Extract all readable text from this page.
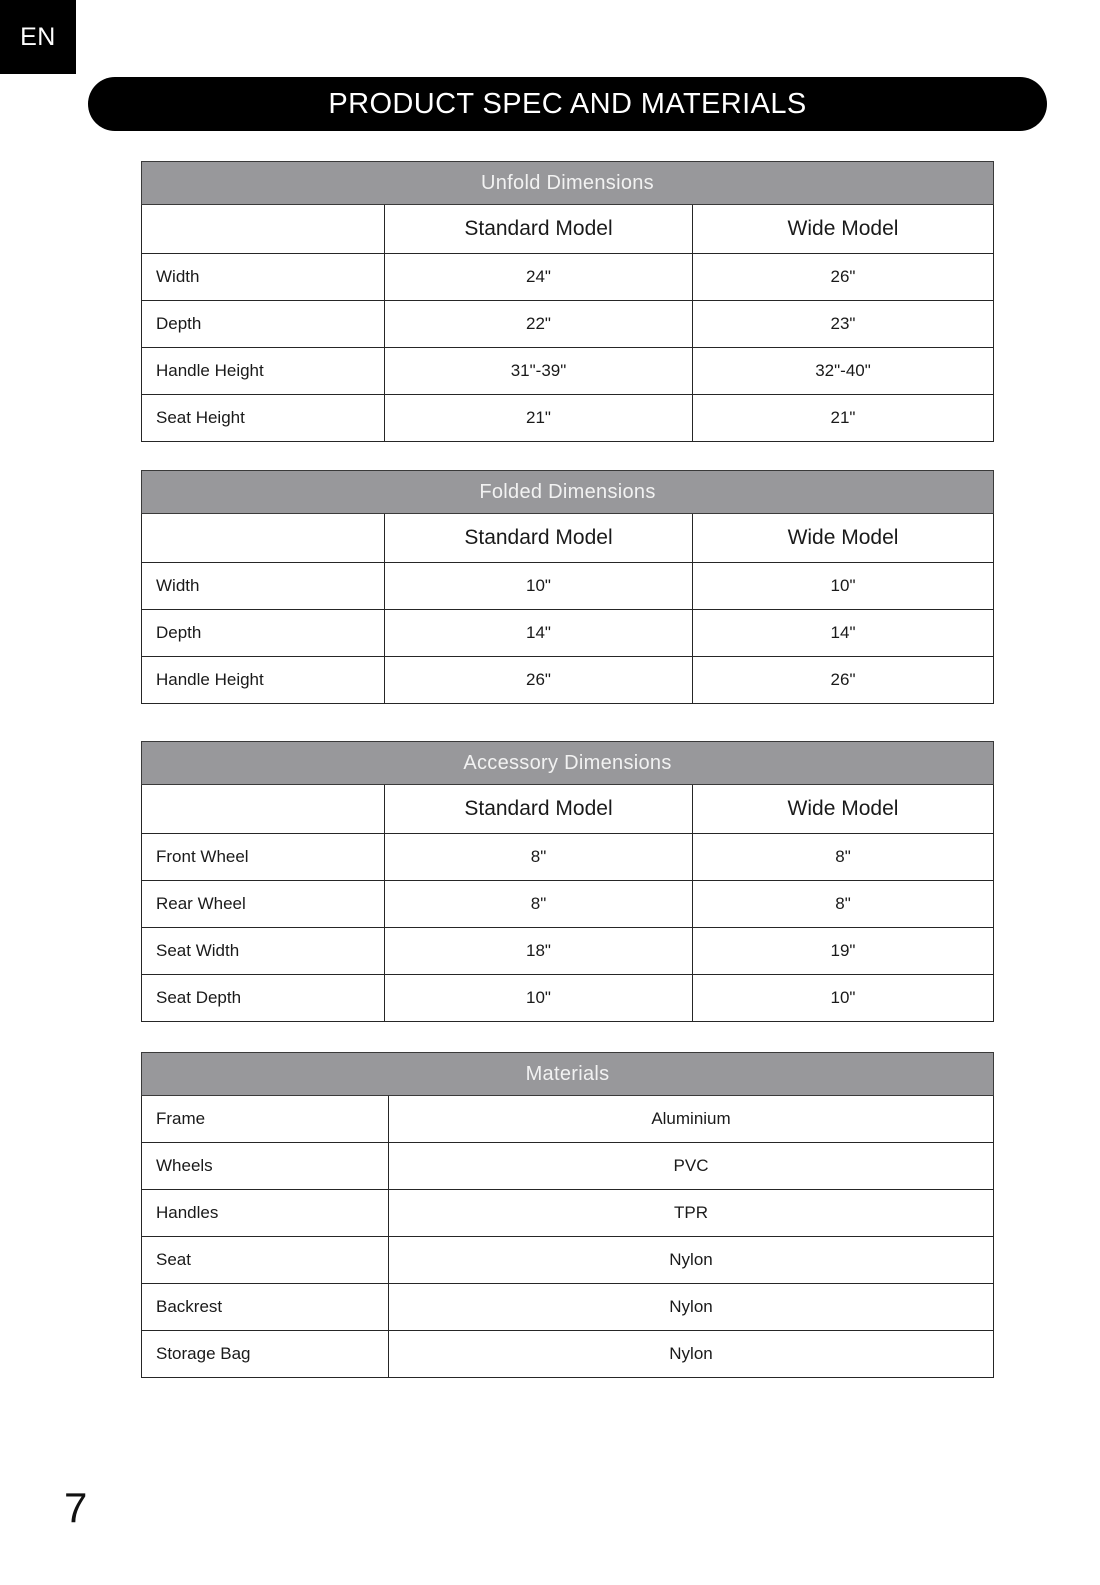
EN
PRODUCT SPEC AND MATERIALS
Unfold Dimensions		
	Standard Model	Wide Model
Width	24"	26"
Depth	22"	23"
Handle Height	31"-39"	32"-40"
Seat Height	21"	21"
Folded Dimensions		
	Standard Model	Wide Model
Width	10"	10"
Depth	14"	14"
Handle Height	26"	26"
Accessory Dimensions		
	Standard Model	Wide Model
Front Wheel	8"	8"
Rear Wheel	8"	8"
Seat Width	18"	19"
Seat Depth	10"	10"
Materials	
Frame	Aluminium
Wheels	PVC
Handles	TPR
Seat	Nylon
Backrest	Nylon
Storage Bag	Nylon
7
